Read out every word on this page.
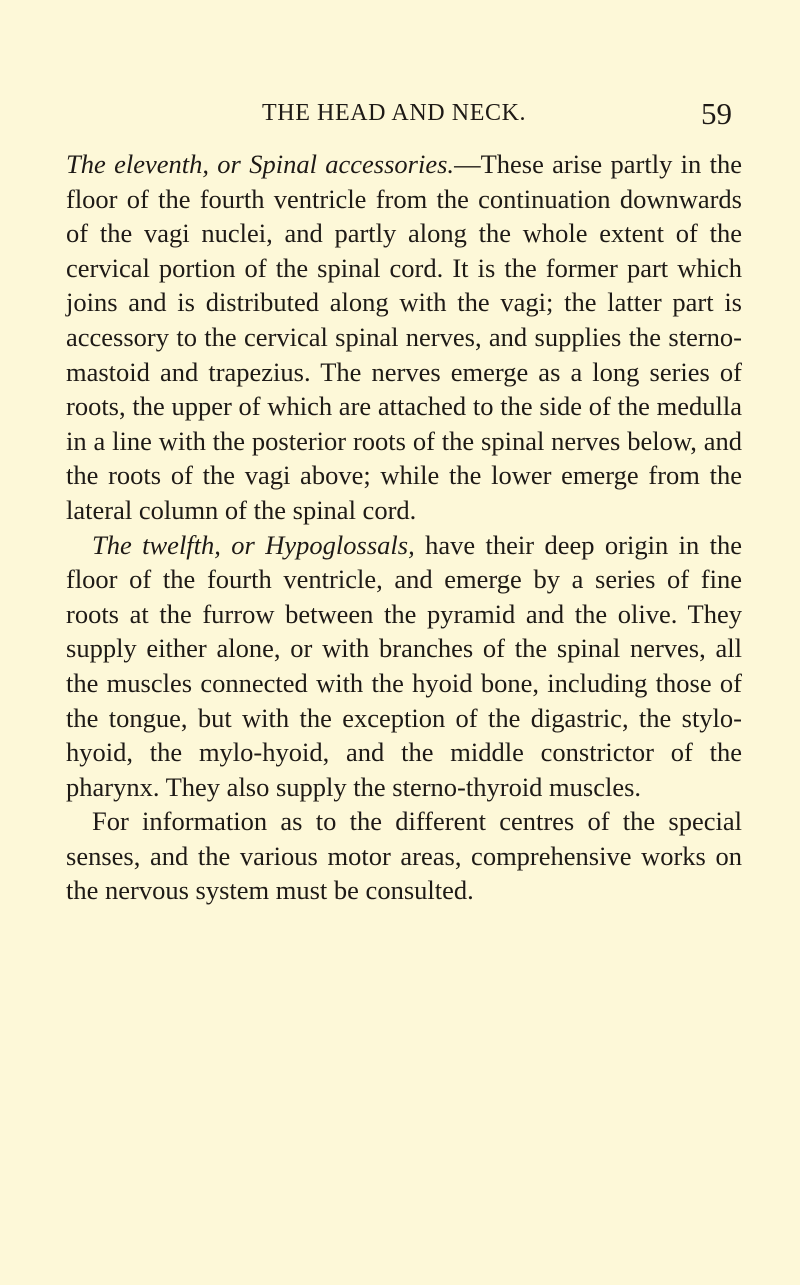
THE HEAD AND NECK.	59

The eleventh, or Spinal accessories.—These arise partly in the floor of the fourth ventricle from the continuation downwards of the vagi nuclei, and partly along the whole extent of the cervical portion of the spinal cord. It is the former part which joins and is distributed along with the vagi; the latter part is accessory to the cervical spinal nerves, and supplies the sterno-mastoid and trapezius. The nerves emerge as a long series of roots, the upper of which are attached to the side of the medulla in a line with the posterior roots of the spinal nerves below, and the roots of the vagi above; while the lower emerge from the lateral column of the spinal cord.

The twelfth, or Hypoglossals, have their deep origin in the floor of the fourth ventricle, and emerge by a series of fine roots at the furrow between the pyramid and the olive. They supply either alone, or with branches of the spinal nerves, all the muscles connected with the hyoid bone, including those of the tongue, but with the exception of the digastric, the stylo-hyoid, the mylo-hyoid, and the middle constrictor of the pharynx. They also supply the sterno-thyroid muscles.

For information as to the different centres of the special senses, and the various motor areas, comprehensive works on the nervous system must be consulted.
